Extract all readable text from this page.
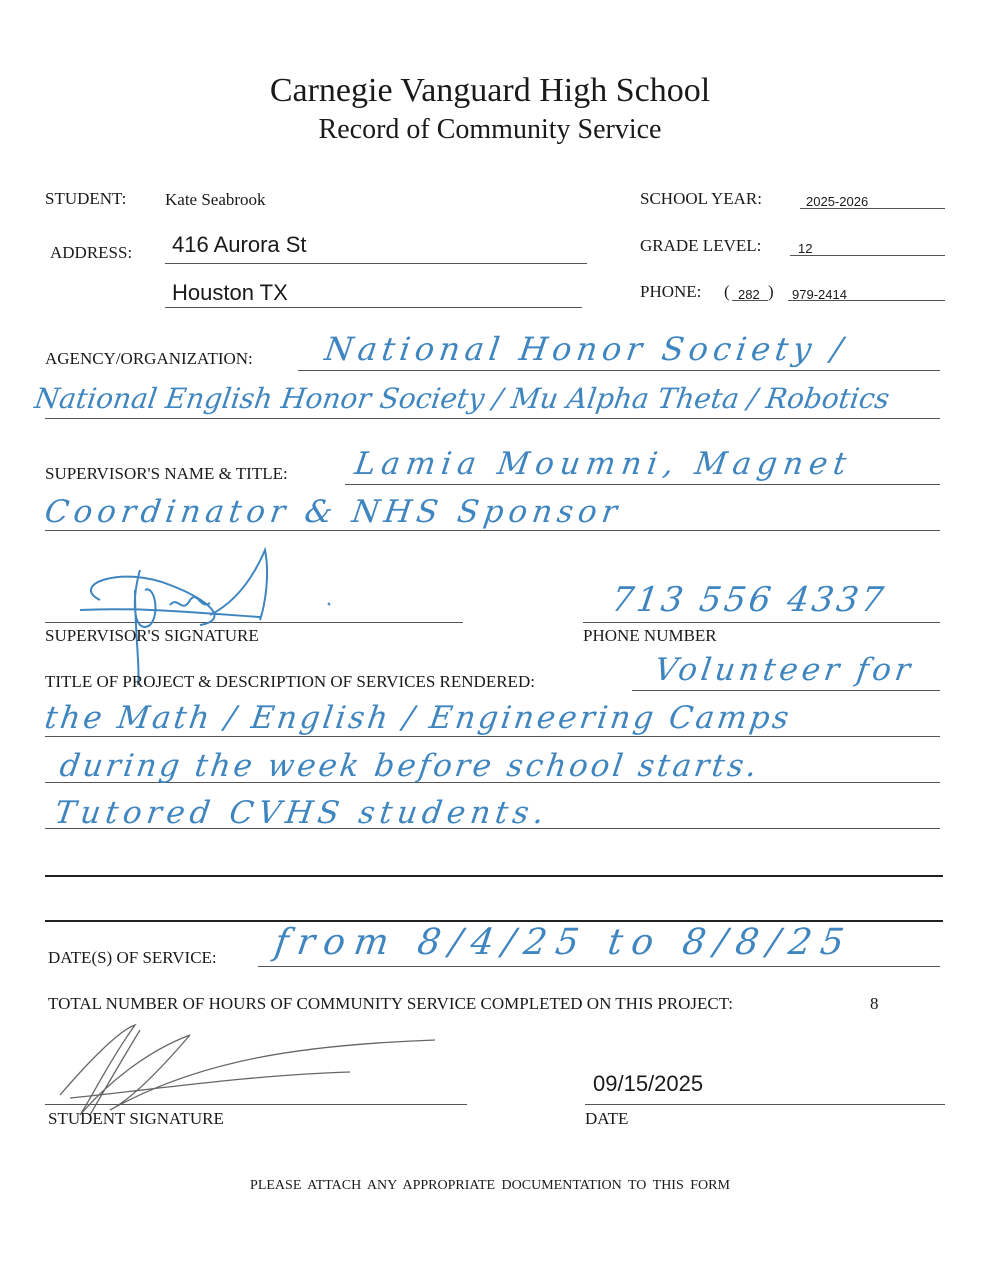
Carnegie Vanguard High School
Record of Community Service
STUDENT: Kate Seabrook	SCHOOL YEAR:	2025-2026
ADDRESS: 416 Aurora St
Houston TX
GRADE LEVEL:	12
PHONE: ( 282 ) 979-2414
AGENCY/ORGANIZATION: National Honor Society /
National English Honor Society / Mu Alpha Theta / Robotics
SUPERVISOR'S NAME & TITLE: Lamia Moumni, Magnet
Coordinator & NHS Sponsor
SUPERVISOR'S SIGNATURE
713 556 4337
PHONE NUMBER
TITLE OF PROJECT & DESCRIPTION OF SERVICES RENDERED:	Volunteer for
the Math / English / Engineering Camps
during the week before school starts.
Tutored CVHS students.
DATE(S) OF SERVICE: from 8/4/25 to 8/8/25
TOTAL NUMBER OF HOURS OF COMMUNITY SERVICE COMPLETED ON THIS PROJECT:	8
STUDENT SIGNATURE
09/15/2025
DATE
PLEASE ATTACH ANY APPROPRIATE DOCUMENTATION TO THIS FORM
